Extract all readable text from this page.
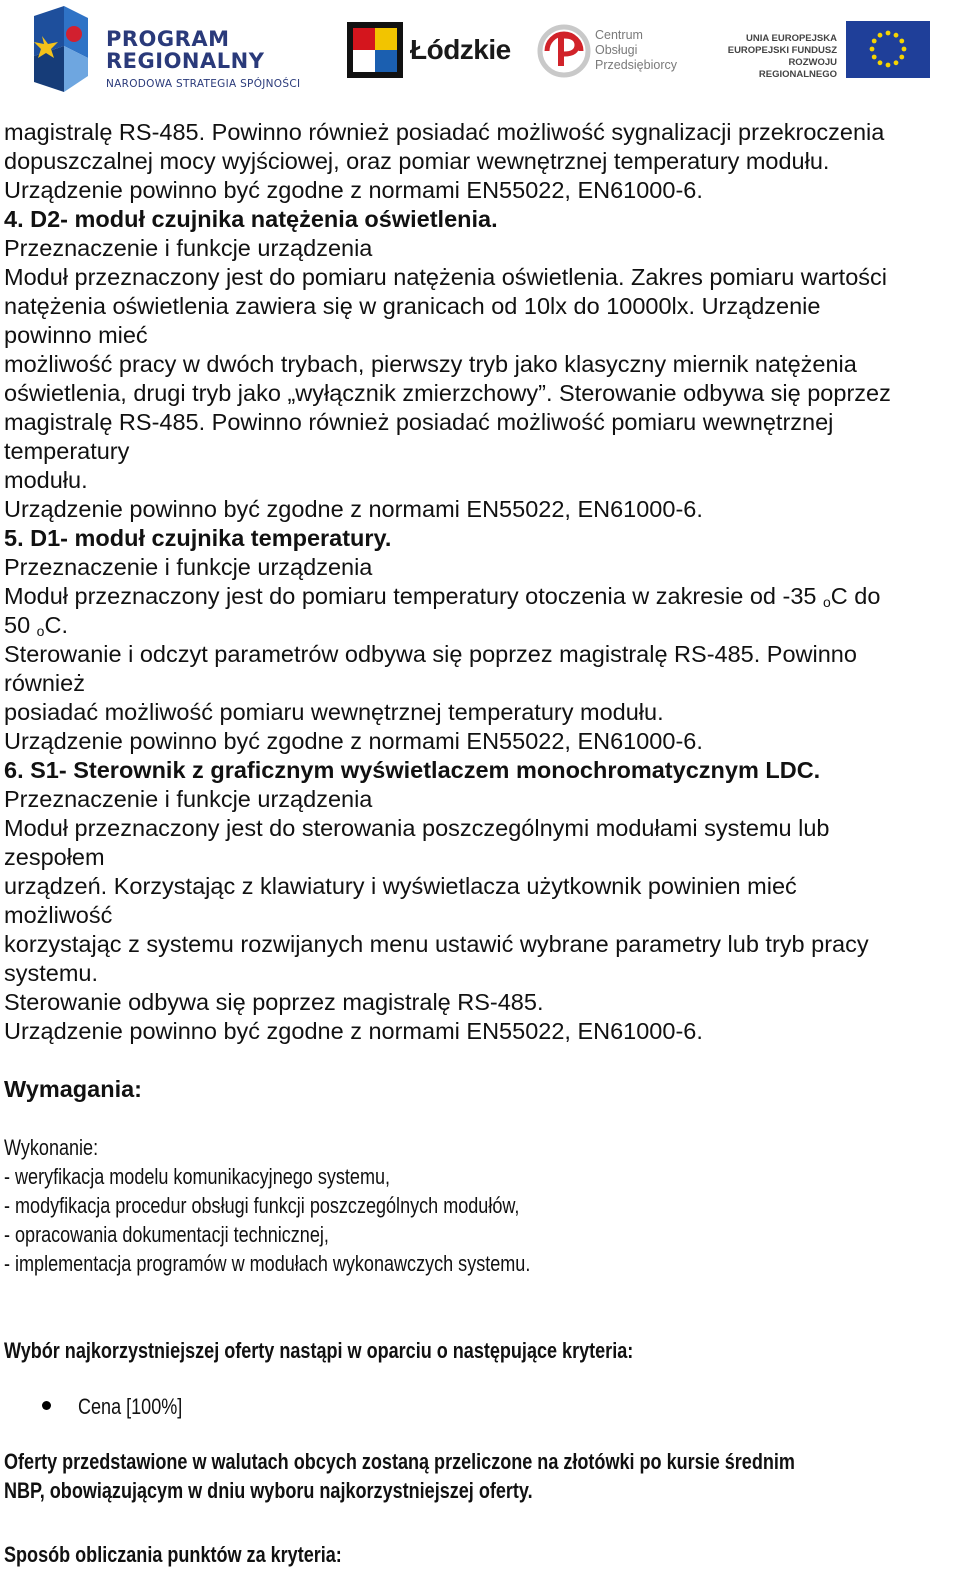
PROGRAM
REGIONALNY
NARODOWA STRATEGIA SPÓJNOŚCI
Łódzkie	Centrum
Obsługi
Przedsiębiorcy
UNIA EUROPEJSKA
EUROPEJSKI FUNDUSZ
ROZWOJU REGIONALNEGO
magistralę RS-485. Powinno również posiadać możliwość sygnalizacji przekroczenia
dopuszczalnej mocy wyjściowej, oraz pomiar wewnętrznej temperatury modułu.
Urządzenie powinno być zgodne z normami EN55022, EN61000-6.
4. D2- moduł czujnika natężenia oświetlenia.
Przeznaczenie i funkcje urządzenia
Moduł przeznaczony jest do pomiaru natężenia oświetlenia. Zakres pomiaru wartości
natężenia oświetlenia zawiera się w granicach od 10lx do 10000lx. Urządzenie
powinno mieć
możliwość pracy w dwóch trybach, pierwszy tryb jako klasyczny miernik natężenia
oświetlenia, drugi tryb jako „wyłącznik zmierzchowy”. Sterowanie odbywa się poprzez
magistralę RS-485. Powinno również posiadać możliwość pomiaru wewnętrznej
temperatury
modułu.
Urządzenie powinno być zgodne z normami EN55022, EN61000-6.
5. D1- moduł czujnika temperatury.
Przeznaczenie i funkcje urządzenia
Moduł przeznaczony jest do pomiaru temperatury otoczenia w zakresie od -35 $_o$C do
50 $_o$C.
Sterowanie i odczyt parametrów odbywa się poprzez magistralę RS-485. Powinno
również
posiadać możliwość pomiaru wewnętrznej temperatury modułu.
Urządzenie powinno być zgodne z normami EN55022, EN61000-6.
6. S1- Sterownik z graficznym wyświetlaczem monochromatycznym LDC.
Przeznaczenie i funkcje urządzenia
Moduł przeznaczony jest do sterowania poszczególnymi modułami systemu lub
zespołem
urządzeń. Korzystając z klawiatury i wyświetlacza użytkownik powinien mieć
możliwość
korzystając z systemu rozwijanych menu ustawić wybrane parametry lub tryb pracy
systemu.
Sterowanie odbywa się poprzez magistralę RS-485.
Urządzenie powinno być zgodne z normami EN55022, EN61000-6.
Wymagania:
Wykonanie:
- weryfikacja modelu komunikacyjnego systemu,
- modyfikacja procedur obsługi funkcji poszczególnych modułów,
- opracowania dokumentacji technicznej,
- implementacja programów w modułach wykonawczych systemu.
Wybór najkorzystniejszej oferty nastąpi w oparciu o następujące kryteria:
Cena [100%]
Oferty przedstawione w walutach obcych zostaną przeliczone na złotówki po kursie średnim
NBP, obowiązującym w dniu wyboru najkorzystniejszej oferty.
Sposób obliczania punktów za kryteria:
